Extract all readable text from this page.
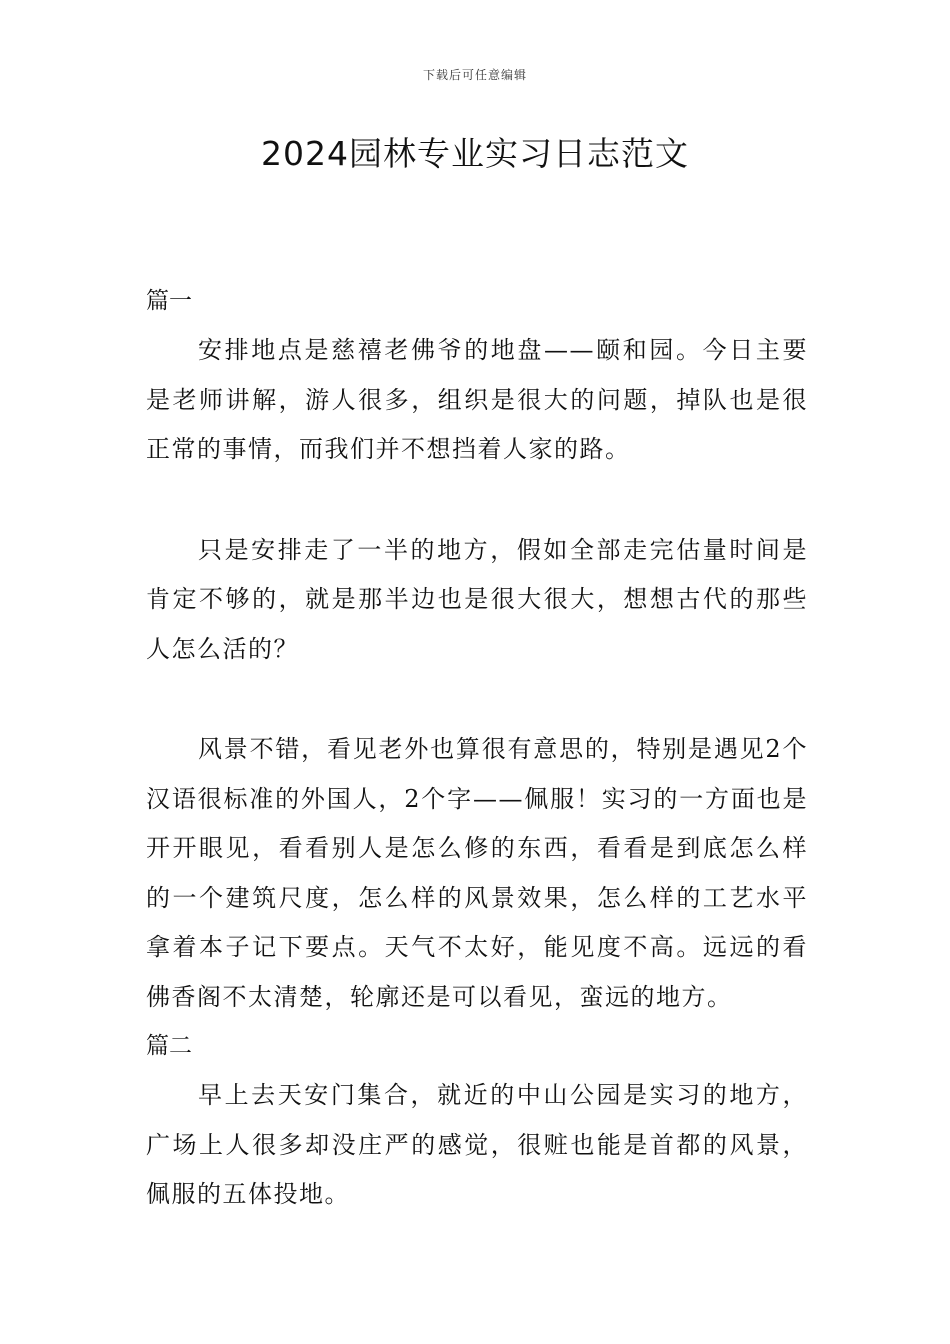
下载后可任意编辑
2024园林专业实习日志范文
篇一

安排地点是慈禧老佛爷的地盘——颐和园。今日主要是老师讲解，游人很多，组织是很大的问题，掉队也是很正常的事情，而我们并不想挡着人家的路。

只是安排走了一半的地方，假如全部走完估量时间是肯定不够的，就是那半边也是很大很大，想想古代的那些人怎么活的？

风景不错，看见老外也算很有意思的，特别是遇见2个汉语很标准的外国人，2个字——佩服！实习的一方面也是开开眼见，看看别人是怎么修的东西，看看是到底怎么样的一个建筑尺度，怎么样的风景效果，怎么样的工艺水平拿着本子记下要点。天气不太好，能见度不高。远远的看佛香阁不太清楚，轮廓还是可以看见，蛮远的地方。

篇二

早上去天安门集合，就近的中山公园是实习的地方，广场上人很多却没庄严的感觉，很赃也能是首都的风景，佩服的五体投地。
